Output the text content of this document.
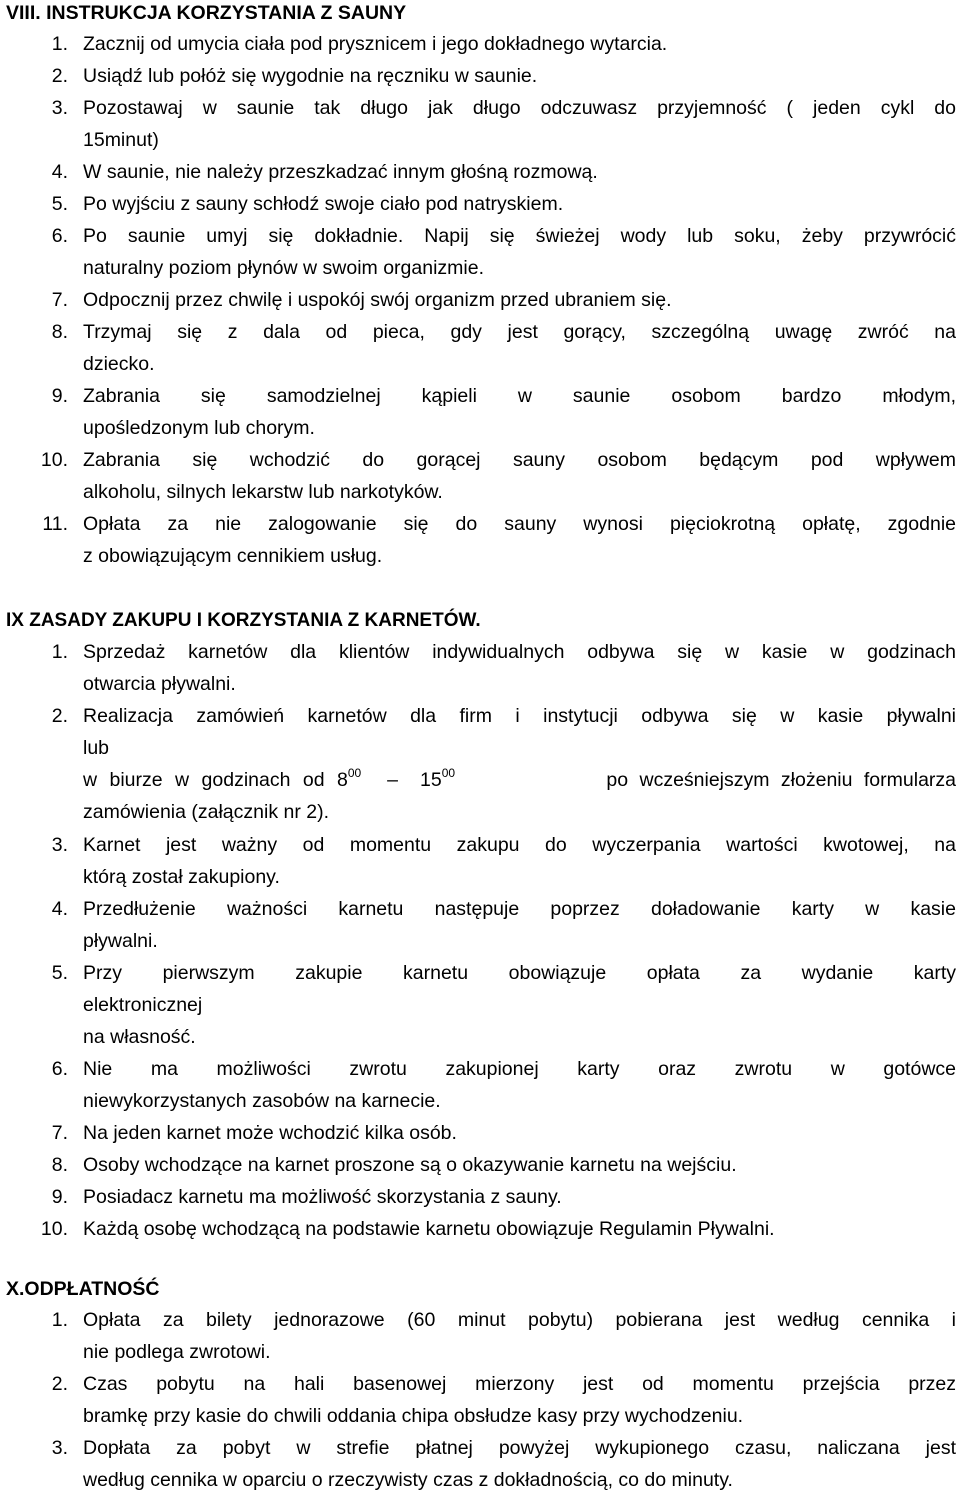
VIII. INSTRUKCJA KORZYSTANIA Z SAUNY
1. Zacznij od umycia ciała pod prysznicem i jego dokładnego wytarcia.
2. Usiądź lub połóż się wygodnie na ręczniku w saunie.
3. Pozostawaj w saunie tak długo jak długo odczuwasz przyjemność ( jeden cykl do
15minut)
4. W saunie, nie należy przeszkadzać innym głośną rozmową.
5. Po wyjściu z sauny schłodź swoje ciało pod natryskiem.
6. Po saunie umyj się dokładnie. Napij się świeżej wody lub soku, żeby przywrócić
naturalny poziom płynów w swoim organizmie.
7. Odpocznij przez chwilę i uspokój swój organizm przed ubraniem się.
8. Trzymaj się z dala od pieca, gdy jest gorący, szczególną uwagę zwróć na
dziecko.
9. Zabrania się samodzielnej kąpieli w saunie osobom bardzo młodym,
upośledzonym lub chorym.
10. Zabrania się wchodzić do gorącej sauny osobom będącym pod wpływem
alkoholu, silnych lekarstw lub narkotyków.
11. Opłata za nie zalogowanie się do sauny wynosi pięciokrotną opłatę, zgodnie
z obowiązującym cennikiem usług.
IX ZASADY ZAKUPU I KORZYSTANIA Z KARNETÓW.
1. Sprzedaż karnetów dla klientów indywidualnych odbywa się w kasie w godzinach
otwarcia pływalni.
2. Realizacja zamówień karnetów dla firm i instytucji odbywa się w kasie pływalni
lub
w biurze w godzinach od $8^{00} - 15^{00}$	po wcześniejszym złożeniu formularza
zamówienia (załącznik nr 2).
3. Karnet jest ważny od momentu zakupu do wyczerpania wartości kwotowej, na
którą został zakupiony.
4. Przedłużenie ważności karnetu następuje poprzez doładowanie karty w kasie
pływalni.
5. Przy pierwszym zakupie karnetu obowiązuje opłata za wydanie karty
elektronicznej
na własność.
6. Nie ma możliwości zwrotu zakupionej karty oraz zwrotu w gotówce
niewykorzystanych zasobów na karnecie.
7. Na jeden karnet może wchodzić kilka osób.
8. Osoby wchodzące na karnet proszone są o okazywanie karnetu na wejściu.
9. Posiadacz karnetu ma możliwość skorzystania z sauny.
10. Każdą osobę wchodzącą na podstawie karnetu obowiązuje Regulamin Pływalni.
X.ODPŁATNOŚĆ
1. Opłata za bilety jednorazowe (60 minut pobytu) pobierana jest według cennika i
nie podlega zwrotowi.
2. Czas pobytu na hali basenowej mierzony jest od momentu przejścia przez
bramkę przy kasie do chwili oddania chipa obsłudze kasy przy wychodzeniu.
3. Dopłata za pobyt w strefie płatnej powyżej wykupionego czasu, naliczana jest
według cennika w oparciu o rzeczywisty czas z dokładnością, co do minuty.
